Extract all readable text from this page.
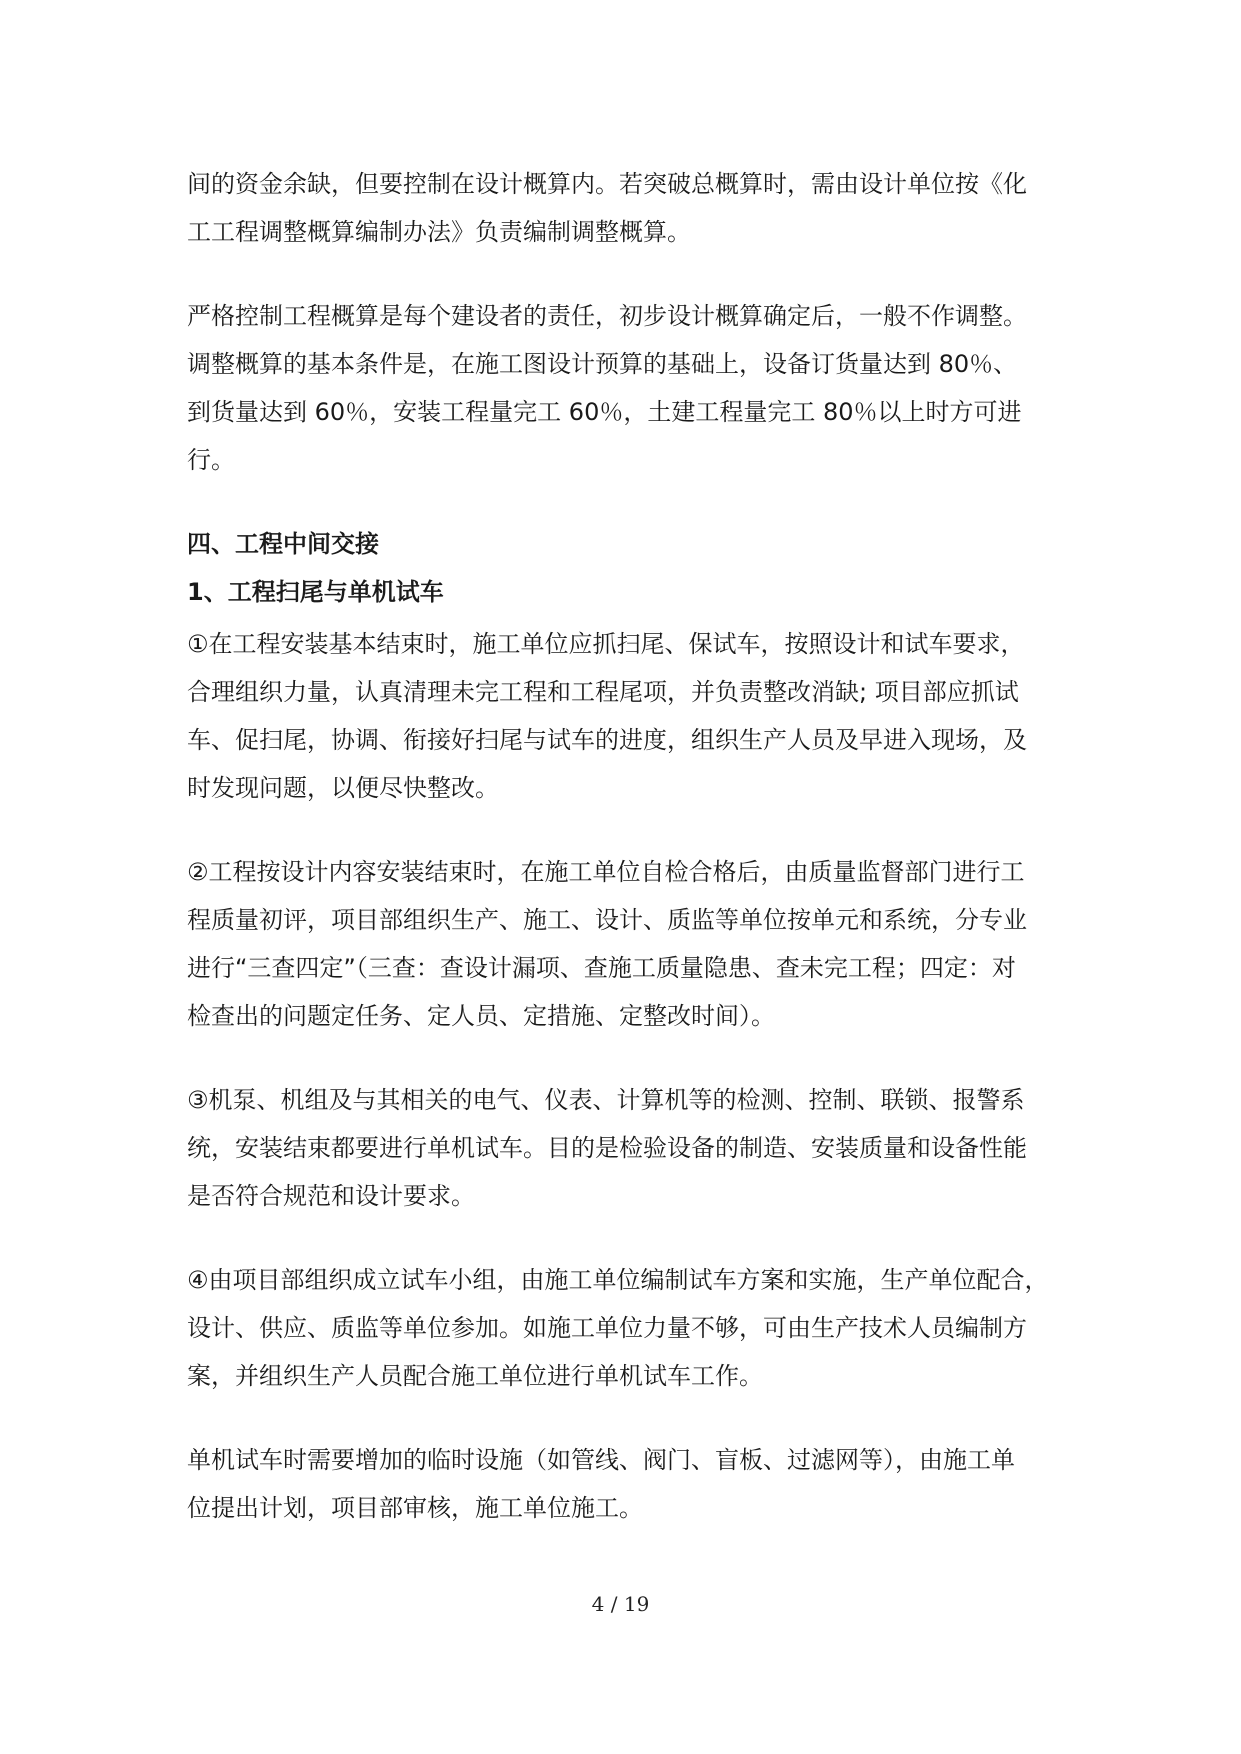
间的资金余缺，但要控制在设计概算内。若突破总概算时，需由设计单位按《化
工工程调整概算编制办法》负责编制调整概算。

严格控制工程概算是每个建设者的责任，初步设计概算确定后，一般不作调整。
调整概算的基本条件是，在施工图设计预算的基础上，设备订货量达到 80％、
到货量达到 60％，安装工程量完工 60％，土建工程量完工 80％以上时方可进
行。

四、工程中间交接
1、工程扫尾与单机试车

①在工程安装基本结束时，施工单位应抓扫尾、保试车，按照设计和试车要求，
合理组织力量，认真清理未完工程和工程尾项，并负责整改消缺; 项目部应抓试
车、促扫尾，协调、衔接好扫尾与试车的进度，组织生产人员及早进入现场，及
时发现问题，以便尽快整改。

②工程按设计内容安装结束时，在施工单位自检合格后，由质量监督部门进行工
程质量初评，项目部组织生产、施工、设计、质监等单位按单元和系统，分专业
进行“三查四定”（三查：查设计漏项、查施工质量隐患、查未完工程；四定：对
检查出的问题定任务、定人员、定措施、定整改时间）。

③机泵、机组及与其相关的电气、仪表、计算机等的检测、控制、联锁、报警系
统，安装结束都要进行单机试车。目的是检验设备的制造、安装质量和设备性能
是否符合规范和设计要求。

④由项目部组织成立试车小组，由施工单位编制试车方案和实施，生产单位配合，
设计、供应、质监等单位参加。如施工单位力量不够，可由生产技术人员编制方
案，并组织生产人员配合施工单位进行单机试车工作。

单机试车时需要增加的临时设施（如管线、阀门、盲板、过滤网等），由施工单
位提出计划，项目部审核，施工单位施工。

4 / 19
